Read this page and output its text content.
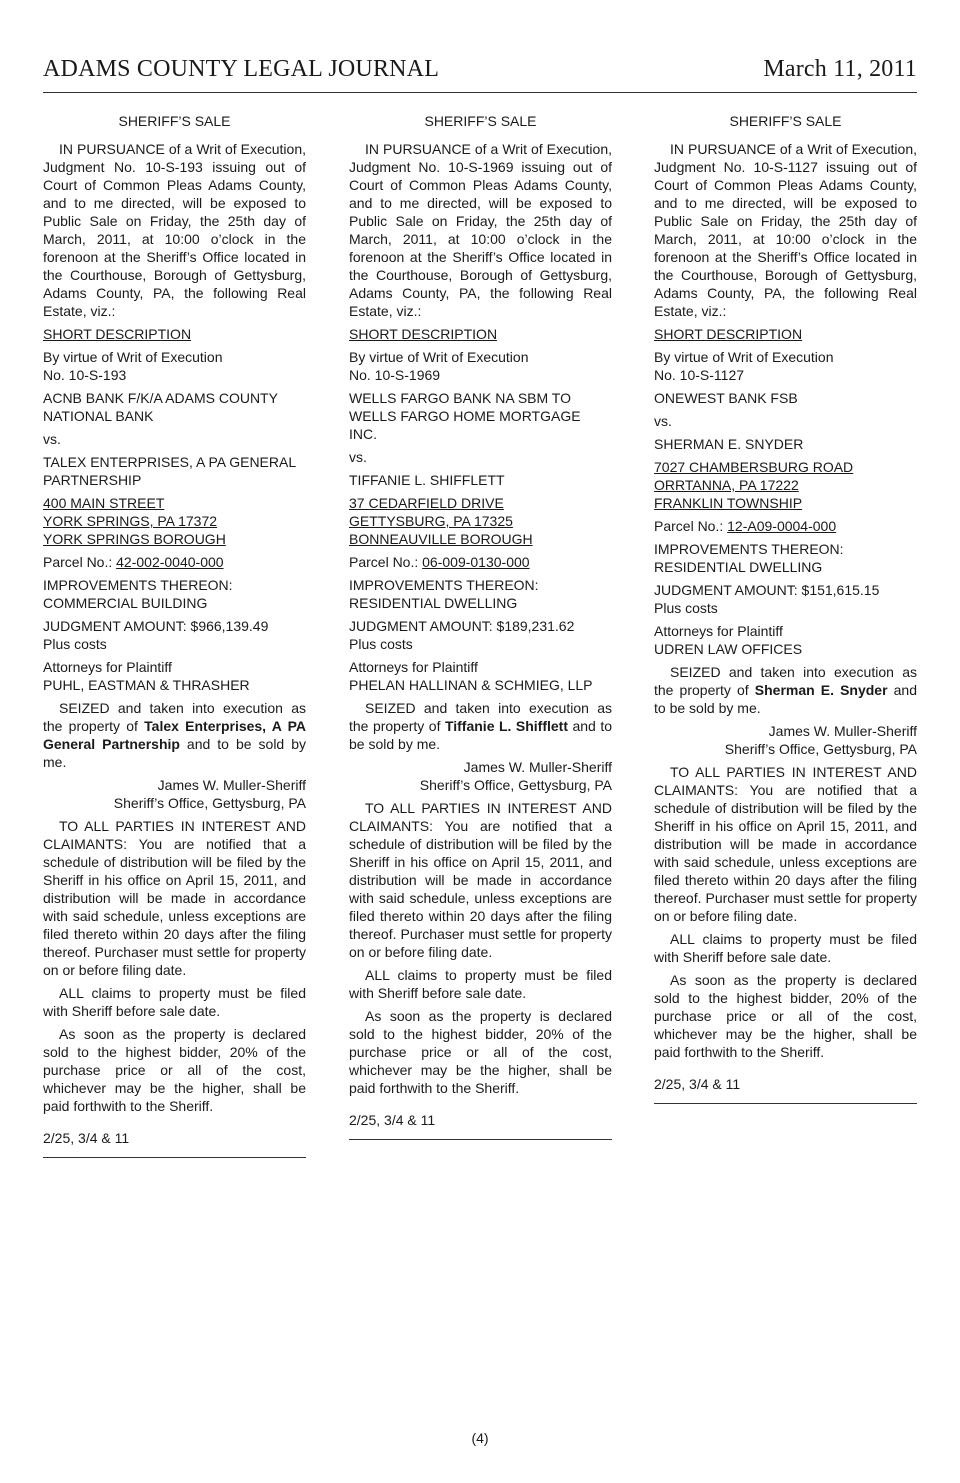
ADAMS COUNTY LEGAL JOURNAL	March 11, 2011

SHERIFF’S SALE

IN PURSUANCE of a Writ of Execution, Judgment No. 10-S-193 issuing out of Court of Common Pleas Adams County, and to me directed, will be exposed to Public Sale on Friday, the 25th day of March, 2011, at 10:00 o’clock in the forenoon at the Sheriff’s Office located in the Courthouse, Borough of Gettysburg, Adams County, PA, the following Real Estate, viz.:

SHORT DESCRIPTION

By virtue of Writ of Execution
No. 10-S-193

ACNB BANK F/K/A ADAMS COUNTY NATIONAL BANK

vs.

TALEX ENTERPRISES, A PA GENERAL PARTNERSHIP

400 MAIN STREET
YORK SPRINGS, PA 17372
YORK SPRINGS BOROUGH

Parcel No.: 42-002-0040-000

IMPROVEMENTS THEREON:
COMMERCIAL BUILDING

JUDGMENT AMOUNT: $966,139.49
Plus costs

Attorneys for Plaintiff
PUHL, EASTMAN & THRASHER

SEIZED and taken into execution as the property of Talex Enterprises, A PA General Partnership and to be sold by me.

James W. Muller-Sheriff

Sheriff’s Office, Gettysburg, PA

TO ALL PARTIES IN INTEREST AND CLAIMANTS: You are notified that a schedule of distribution will be filed by the Sheriff in his office on April 15, 2011, and distribution will be made in accordance with said schedule, unless exceptions are filed thereto within 20 days after the filing thereof. Purchaser must settle for property on or before filing date.

ALL claims to property must be filed with Sheriff before sale date.

As soon as the property is declared sold to the highest bidder, 20% of the purchase price or all of the cost, whichever may be the higher, shall be paid forthwith to the Sheriff.

2/25, 3/4 & 11

SHERIFF’S SALE

IN PURSUANCE of a Writ of Execution, Judgment No. 10-S-1969 issuing out of Court of Common Pleas Adams County, and to me directed, will be exposed to Public Sale on Friday, the 25th day of March, 2011, at 10:00 o’clock in the forenoon at the Sheriff’s Office located in the Courthouse, Borough of Gettysburg, Adams County, PA, the following Real Estate, viz.:

SHORT DESCRIPTION

By virtue of Writ of Execution
No. 10-S-1969

WELLS FARGO BANK NA SBM TO WELLS FARGO HOME MORTGAGE INC.

vs.

TIFFANIE L. SHIFFLETT

37 CEDARFIELD DRIVE
GETTYSBURG, PA 17325
BONNEAUVILLE BOROUGH

Parcel No.: 06-009-0130-000

IMPROVEMENTS THEREON:
RESIDENTIAL DWELLING

JUDGMENT AMOUNT: $189,231.62
Plus costs

Attorneys for Plaintiff
PHELAN HALLINAN & SCHMIEG, LLP

SEIZED and taken into execution as the property of Tiffanie L. Shifflett and to be sold by me.

James W. Muller-Sheriff

Sheriff’s Office, Gettysburg, PA

TO ALL PARTIES IN INTEREST AND CLAIMANTS: You are notified that a schedule of distribution will be filed by the Sheriff in his office on April 15, 2011, and distribution will be made in accordance with said schedule, unless exceptions are filed thereto within 20 days after the filing thereof. Purchaser must settle for property on or before filing date.

ALL claims to property must be filed with Sheriff before sale date.

As soon as the property is declared sold to the highest bidder, 20% of the purchase price or all of the cost, whichever may be the higher, shall be paid forthwith to the Sheriff.

2/25, 3/4 & 11

SHERIFF’S SALE

IN PURSUANCE of a Writ of Execution, Judgment No. 10-S-1127 issuing out of Court of Common Pleas Adams County, and to me directed, will be exposed to Public Sale on Friday, the 25th day of March, 2011, at 10:00 o’clock in the forenoon at the Sheriff’s Office located in the Courthouse, Borough of Gettysburg, Adams County, PA, the following Real Estate, viz.:

SHORT DESCRIPTION

By virtue of Writ of Execution
No. 10-S-1127

ONEWEST BANK FSB

vs.

SHERMAN E. SNYDER

7027 CHAMBERSBURG ROAD
ORRTANNA, PA 17222
FRANKLIN TOWNSHIP

Parcel No.: 12-A09-0004-000

IMPROVEMENTS THEREON:
RESIDENTIAL DWELLING

JUDGMENT AMOUNT: $151,615.15
Plus costs

Attorneys for Plaintiff
UDREN LAW OFFICES

SEIZED and taken into execution as the property of Sherman E. Snyder and to be sold by me.

James W. Muller-Sheriff

Sheriff’s Office, Gettysburg, PA

TO ALL PARTIES IN INTEREST AND CLAIMANTS: You are notified that a schedule of distribution will be filed by the Sheriff in his office on April 15, 2011, and distribution will be made in accordance with said schedule, unless exceptions are filed thereto within 20 days after the filing thereof. Purchaser must settle for property on or before filing date.

ALL claims to property must be filed with Sheriff before sale date.

As soon as the property is declared sold to the highest bidder, 20% of the purchase price or all of the cost, whichever may be the higher, shall be paid forthwith to the Sheriff.

2/25, 3/4 & 11

(4)
